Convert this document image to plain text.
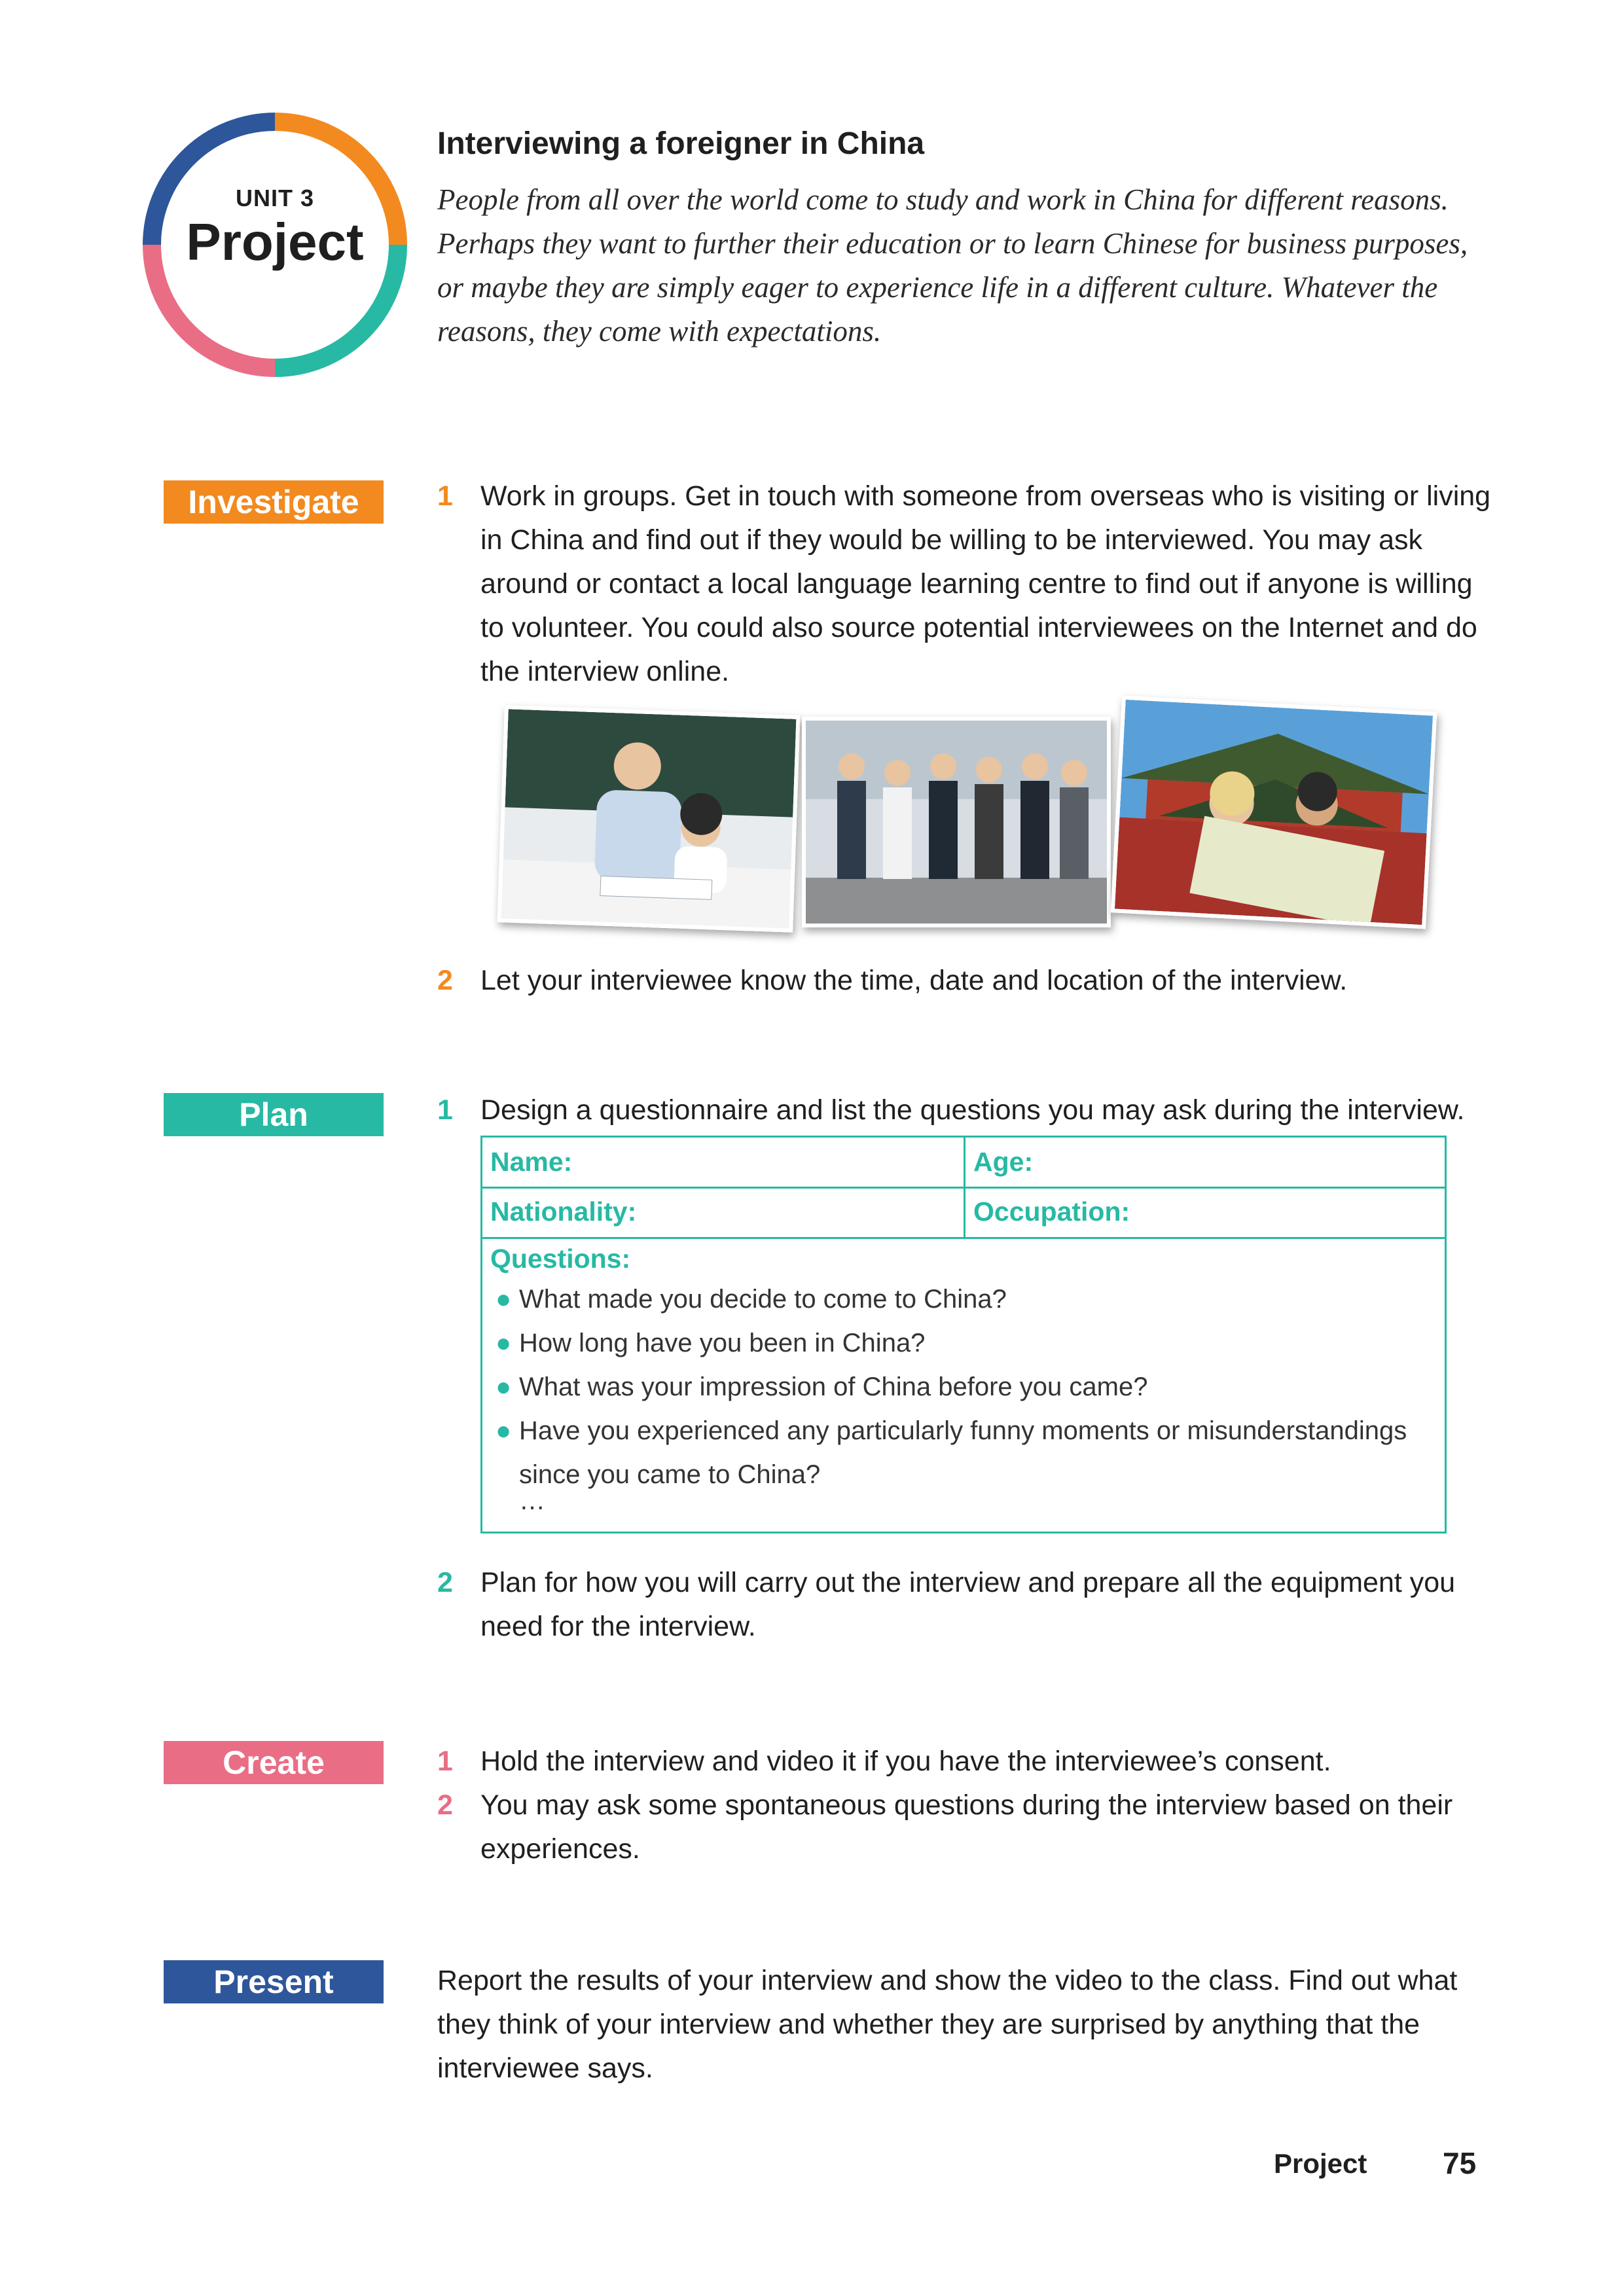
UNIT 3
Project
Interviewing a foreigner in China
People from all over the world come to study and work in China for different reasons. Perhaps they want to further their education or to learn Chinese for business purposes, or maybe they are simply eager to experience life in a different culture. Whatever the reasons, they come with expectations.
Investigate	1 Work in groups. Get in touch with someone from overseas who is visiting or living in China and find out if they would be willing to be interviewed. You may ask around or contact a local language learning centre to find out if anyone is willing to volunteer. You could also source potential interviewees on the Internet and do the interview online.
2 Let your interviewee know the time, date and location of the interview.
Plan	1 Design a questionnaire and list the questions you may ask during the interview.
Name:	Age:
Nationality:	Occupation:
Questions:
● What made you decide to come to China?
● How long have you been in China?
● What was your impression of China before you came?
● Have you experienced any particularly funny moments or misunderstandings since you came to China?
…
2 Plan for how you will carry out the interview and prepare all the equipment you need for the interview.
Create	1 Hold the interview and video it if you have the interviewee’s consent.
2 You may ask some spontaneous questions during the interview based on their experiences.
Present	Report the results of your interview and show the video to the class. Find out what they think of your interview and whether they are surprised by anything that the interviewee says.
Project	75
